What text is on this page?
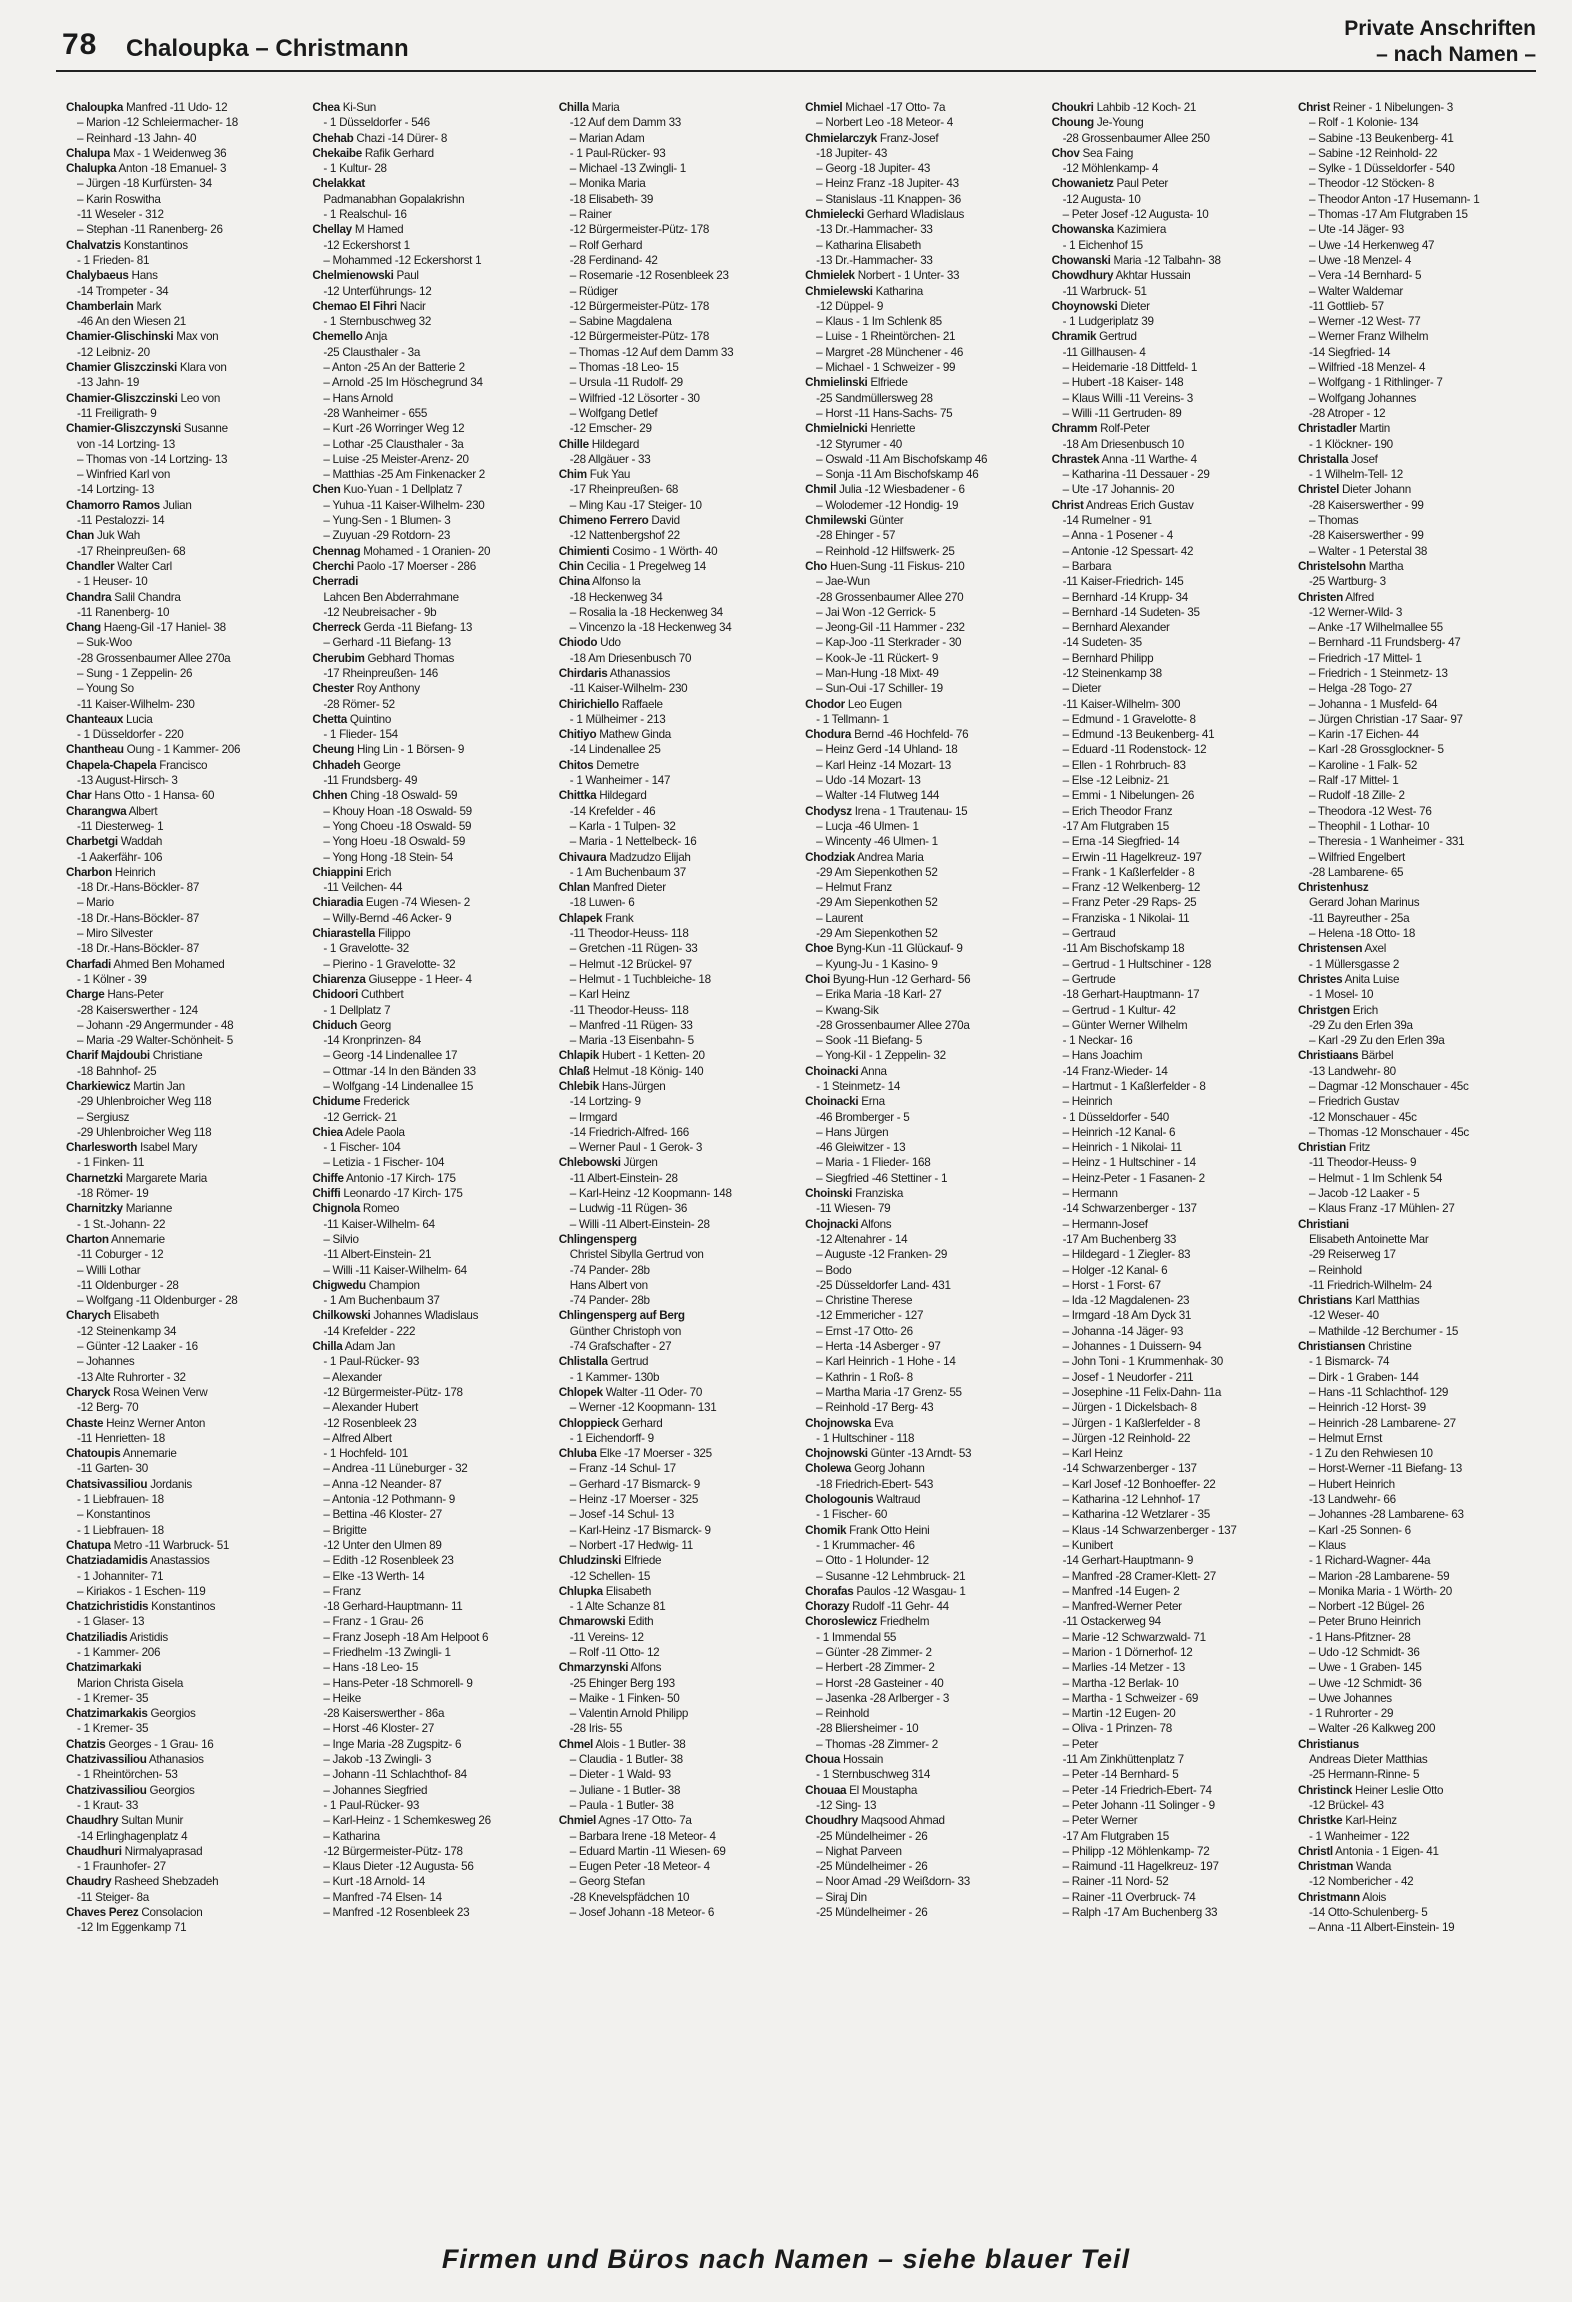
78 Chaloupka – Christmann
Private Anschriften
– nach Namen –
Chaloupka Manfred -11 Udo- 12
– Marion -12 Schleiermacher- 18
– Reinhard -13 Jahn- 40
Chalupa Max - 1 Weidenweg 36
Chalupka Anton -18 Emanuel- 3
– Jürgen -18 Kurfürsten- 34
– Karin Roswitha
-11 Weseler - 312
– Stephan -11 Ranenberg- 26
Chalvatzis Konstantinos
- 1 Frieden- 81
Chalybaeus Hans
-14 Trompeter - 34
Chamberlain Mark
-46 An den Wiesen 21
Chamier-Glischinski Max von
-12 Leibniz- 20
Chamier Gliszczinski Klara von
-13 Jahn- 19
Chamier-Gliszczinski Leo von
-11 Freiligrath- 9
Chamier-Gliszczynski Susanne
von -14 Lortzing- 13
– Thomas von -14 Lortzing- 13
– Winfried Karl von
-14 Lortzing- 13
Chamorro Ramos Julian
-11 Pestalozzi- 14
Chan Juk Wah
-17 Rheinpreußen- 68
Chandler Walter Carl
- 1 Heuser- 10
Chandra Salil Chandra
-11 Ranenberg- 10
Chang Haeng-Gil -17 Haniel- 38
– Suk-Woo
-28 Grossenbaumer Allee 270a
– Sung - 1 Zeppelin- 26
– Young So
-11 Kaiser-Wilhelm- 230
Chanteaux Lucia
- 1 Düsseldorfer - 220
Chantheau Oung - 1 Kammer- 206
Chapela-Chapela Francisco
-13 August-Hirsch- 3
Char Hans Otto - 1 Hansa- 60
Charangwa Albert
-11 Diesterweg- 1
Charbetgi Waddah
-1 Aakerfähr- 106
Charbon Heinrich
-18 Dr.-Hans-Böckler- 87
– Mario
-18 Dr.-Hans-Böckler- 87
– Miro Silvester
-18 Dr.-Hans-Böckler- 87
Charfadi Ahmed Ben Mohamed
- 1 Kölner - 39
Charge Hans-Peter
-28 Kaiserswerther - 124
– Johann -29 Angermunder - 48
– Maria -29 Walter-Schönheit- 5
Charif Majdoubi Christiane
-18 Bahnhof- 25
Charkiewicz Martin Jan
-29 Uhlenbroicher Weg 118
– Sergiusz
-29 Uhlenbroicher Weg 118
Charlesworth Isabel Mary
- 1 Finken- 11
Charnetzki Margarete Maria
-18 Römer- 19
Charnitzky Marianne
- 1 St.-Johann- 22
Charton Annemarie
-11 Coburger - 12
– Willi Lothar
-11 Oldenburger - 28
– Wolfgang -11 Oldenburger - 28
Charych Elisabeth
-12 Steinenkamp 34
– Günter -12 Laaker - 16
– Johannes
-13 Alte Ruhrorter - 32
Charyck Rosa Weinen Verw
-12 Berg- 70
Chaste Heinz Werner Anton
-11 Henrietten- 18
Chatoupis Annemarie
-11 Garten- 30
Chatsivassiliou Jordanis
- 1 Liebfrauen- 18
– Konstantinos
- 1 Liebfrauen- 18
Chatupa Metro -11 Warbruck- 51
Chatziadamidis Anastassios
- 1 Johanniter- 71
– Kiriakos - 1 Eschen- 119
Chatzichristidis Konstantinos
- 1 Glaser- 13
Chatziliadis Aristidis
- 1 Kammer- 206
Chatzimarkaki
Marion Christa Gisela
- 1 Kremer- 35
Chatzimarkakis Georgios
- 1 Kremer- 35
Chatzis Georges - 1 Grau- 16
Chatzivassiliou Athanasios
- 1 Rheintörchen- 53
Chatzivassiliou Georgios
- 1 Kraut- 33
Chaudhry Sultan Munir
-14 Erlinghagenplatz 4
Chaudhuri Nirmalyaprasad
- 1 Fraunhofer- 27
Chaudry Rasheed Shebzadeh
-11 Steiger- 8a
Chaves Perez Consolacion
-12 Im Eggenkamp 71
Chea Ki-Sun
- 1 Düsseldorfer - 546
Chehab Chazi -14 Dürer- 8
Chekaibe Rafik Gerhard
- 1 Kultur- 28
Chelakkat
Padmanabhan Gopalakrishn
- 1 Realschul- 16
Chellay M Hamed
-12 Eckershorst 1
– Mohammed -12 Eckershorst 1
Chelmienowski Paul
-12 Unterführungs- 12
Chemao El Fihri Nacir
- 1 Sternbuschweg 32
Chemello Anja
-25 Clausthaler - 3a
– Anton -25 An der Batterie 2
– Arnold -25 Im Höschegrund 34
– Hans Arnold
-28 Wanheimer - 655
– Kurt -26 Worringer Weg 12
– Lothar -25 Clausthaler - 3a
– Luise -25 Meister-Arenz- 20
– Matthias -25 Am Finkenacker 2
Chen Kuo-Yuan - 1 Dellplatz 7
– Yuhua -11 Kaiser-Wilhelm- 230
– Yung-Sen - 1 Blumen- 3
– Zuyuan -29 Rotdorn- 23
Chennag Mohamed - 1 Oranien- 20
Cherchi Paolo -17 Moerser - 286
Cherradi
Lahcen Ben Abderrahmane
-12 Neubreisacher - 9b
Cherreck Gerda -11 Biefang- 13
– Gerhard -11 Biefang- 13
Cherubim Gebhard Thomas
-17 Rheinpreußen- 146
Chester Roy Anthony
-28 Römer- 52
Chetta Quintino
- 1 Flieder- 154
Cheung Hing Lin - 1 Börsen- 9
Chhadeh George
-11 Frundsberg- 49
Chhen Ching -18 Oswald- 59
– Khouy Hoan -18 Oswald- 59
– Yong Choeu -18 Oswald- 59
– Yong Hoeu -18 Oswald- 59
– Yong Hong -18 Stein- 54
Chiappini Erich
-11 Veilchen- 44
Chiaradia Eugen -74 Wiesen- 2
– Willy-Bernd -46 Acker- 9
Chiarastella Filippo
- 1 Gravelotte- 32
– Pierino - 1 Gravelotte- 32
Chiarenza Giuseppe - 1 Heer- 4
Chidoori Cuthbert
- 1 Dellplatz 7
Chiduch Georg
-14 Kronprinzen- 84
– Georg -14 Lindenallee 17
– Ottmar -14 In den Bänden 33
– Wolfgang -14 Lindenallee 15
Chidume Frederick
-12 Gerrick- 21
Chiea Adele Paola
- 1 Fischer- 104
– Letizia - 1 Fischer- 104
Chiffe Antonio -17 Kirch- 175
Chiffi Leonardo -17 Kirch- 175
Chignola Romeo
-11 Kaiser-Wilhelm- 64
– Silvio
-11 Albert-Einstein- 21
– Willi -11 Kaiser-Wilhelm- 64
Chigwedu Champion
- 1 Am Buchenbaum 37
Chilkowski Johannes Wladislaus
-14 Krefelder - 222
Chilla Adam Jan
- 1 Paul-Rücker- 93
– Alexander
-12 Bürgermeister-Pütz- 178
– Alexander Hubert
-12 Rosenbleek 23
– Alfred Albert
- 1 Hochfeld- 101
– Andrea -11 Lüneburger - 32
– Anna -12 Neander- 87
– Antonia -12 Pothmann- 9
– Bettina -46 Kloster- 27
– Brigitte
-12 Unter den Ulmen 89
– Edith -12 Rosenbleek 23
– Elke -13 Werth- 14
– Franz
-18 Gerhard-Hauptmann- 11
– Franz - 1 Grau- 26
– Franz Joseph -18 Am Helpoot 6
– Friedhelm -13 Zwingli- 1
– Hans -18 Leo- 15
– Hans-Peter -18 Schmorell- 9
– Heike
-28 Kaiserswerther - 86a
– Horst -46 Kloster- 27
– Inge Maria -28 Zugspitz- 6
– Jakob -13 Zwingli- 3
– Johann -11 Schlachthof- 84
– Johannes Siegfried
- 1 Paul-Rücker- 93
– Karl-Heinz - 1 Schemkesweg 26
– Katharina
-12 Bürgermeister-Pütz- 178
– Klaus Dieter -12 Augusta- 56
– Kurt -18 Arnold- 14
– Manfred -74 Elsen- 14
– Manfred -12 Rosenbleek 23
Chilla Maria
-12 Auf dem Damm 33
– Marian Adam
- 1 Paul-Rücker- 93
– Michael -13 Zwingli- 1
– Monika Maria
-18 Elisabeth- 39
– Rainer
-12 Bürgermeister-Pütz- 178
– Rolf Gerhard
-28 Ferdinand- 42
– Rosemarie -12 Rosenbleek 23
– Rüdiger
-12 Bürgermeister-Pütz- 178
– Sabine Magdalena
-12 Bürgermeister-Pütz- 178
– Thomas -12 Auf dem Damm 33
– Thomas -18 Leo- 15
– Ursula -11 Rudolf- 29
– Wilfried -12 Lösorter - 30
– Wolfgang Detlef
-12 Emscher- 29
Chille Hildegard
-28 Allgäuer - 33
Chim Fuk Yau
-17 Rheinpreußen- 68
– Ming Kau -17 Steiger- 10
Chimeno Ferrero David
-12 Nattenbergshof 22
Chimienti Cosimo - 1 Wörth- 40
Chin Cecilia - 1 Pregelweg 14
China Alfonso la
-18 Heckenweg 34
– Rosalia la -18 Heckenweg 34
– Vincenzo la -18 Heckenweg 34
Chiodo Udo
-18 Am Driesenbusch 70
Chirdaris Athanassios
-11 Kaiser-Wilhelm- 230
Chirichiello Raffaele
- 1 Mülheimer - 213
Chitiyo Mathew Ginda
-14 Lindenallee 25
Chitos Demetre
- 1 Wanheimer - 147
Chittka Hildegard
-14 Krefelder - 46
– Karla - 1 Tulpen- 32
– Maria - 1 Nettelbeck- 16
Chivaura Madzudzo Elijah
- 1 Am Buchenbaum 37
Chlan Manfred Dieter
-18 Luwen- 6
Chlapek Frank
-11 Theodor-Heuss- 118
– Gretchen -11 Rügen- 33
– Helmut -12 Brückel- 97
– Helmut - 1 Tuchbleiche- 18
– Karl Heinz
-11 Theodor-Heuss- 118
– Manfred -11 Rügen- 33
– Maria -13 Eisenbahn- 5
Chlapik Hubert - 1 Ketten- 20
Chlaß Helmut -18 König- 140
Chlebik Hans-Jürgen
-14 Lortzing- 9
– Irmgard
-14 Friedrich-Alfred- 166
– Werner Paul - 1 Gerok- 3
Chlebowski Jürgen
-11 Albert-Einstein- 28
– Karl-Heinz -12 Koopmann- 148
– Ludwig -11 Rügen- 36
– Willi -11 Albert-Einstein- 28
Chlingensperg
Christel Sibylla Gertrud von
-74 Pander- 28b
Hans Albert von
-74 Pander- 28b
Chlingensperg auf Berg
Günther Christoph von
-74 Grafschafter - 27
Chlistalla Gertrud
- 1 Kammer- 130b
Chlopek Walter -11 Oder- 70
– Werner -12 Koopmann- 131
Chloppieck Gerhard
- 1 Eichendorff- 9
Chluba Elke -17 Moerser - 325
– Franz -14 Schul- 17
– Gerhard -17 Bismarck- 9
– Heinz -17 Moerser - 325
– Josef -14 Schul- 13
– Karl-Heinz -17 Bismarck- 9
– Norbert -17 Hedwig- 11
Chludzinski Elfriede
-12 Schellen- 15
Chlupka Elisabeth
- 1 Alte Schanze 81
Chmarowski Edith
-11 Vereins- 12
– Rolf -11 Otto- 12
Chmarzynski Alfons
-25 Ehinger Berg 193
– Maike - 1 Finken- 50
– Valentin Arnold Philipp
-28 Iris- 55
Chmel Alois - 1 Butler- 38
– Claudia - 1 Butler- 38
– Dieter - 1 Wald- 93
– Juliane - 1 Butler- 38
– Paula - 1 Butler- 38
Chmiel Agnes -17 Otto- 7a
– Barbara Irene -18 Meteor- 4
– Eduard Martin -11 Wiesen- 69
– Eugen Peter -18 Meteor- 4
– Georg Stefan
-28 Knevelspfädchen 10
– Josef Johann -18 Meteor- 6
Chmiel Michael -17 Otto- 7a
– Norbert Leo -18 Meteor- 4
Chmielarczyk Franz-Josef
-18 Jupiter- 43
– Georg -18 Jupiter- 43
– Heinz Franz -18 Jupiter- 43
– Stanislaus -11 Knappen- 36
Chmielecki Gerhard Wladislaus
-13 Dr.-Hammacher- 33
– Katharina Elisabeth
-13 Dr.-Hammacher- 33
Chmielek Norbert - 1 Unter- 33
Chmielewski Katharina
-12 Düppel- 9
– Klaus - 1 Im Schlenk 85
– Luise - 1 Rheintörchen- 21
– Margret -28 Münchener - 46
– Michael - 1 Schweizer - 99
Chmielinski Elfriede
-25 Sandmüllersweg 28
– Horst -11 Hans-Sachs- 75
Chmielnicki Henriette
-12 Styrumer - 40
– Oswald -11 Am Bischofskamp 46
– Sonja -11 Am Bischofskamp 46
Chmil Julia -12 Wiesbadener - 6
– Wolodemer -12 Hondig- 19
Chmilewski Günter
-28 Ehinger - 57
– Reinhold -12 Hilfswerk- 25
Cho Huen-Sung -11 Fiskus- 210
– Jae-Wun
-28 Grossenbaumer Allee 270
– Jai Won -12 Gerrick- 5
– Jeong-Gil -11 Hammer - 232
– Kap-Joo -11 Sterkrader - 30
– Kook-Je -11 Rückert- 9
– Man-Hung -18 Mixt- 49
– Sun-Oui -17 Schiller- 19
Chodor Leo Eugen
- 1 Tellmann- 1
Chodura Bernd -46 Hochfeld- 76
– Heinz Gerd -14 Uhland- 18
– Karl Heinz -14 Mozart- 13
– Udo -14 Mozart- 13
– Walter -14 Flutweg 144
Chodysz Irena - 1 Trautenau- 15
– Lucja -46 Ulmen- 1
– Wincenty -46 Ulmen- 1
Chodziak Andrea Maria
-29 Am Siepenkothen 52
– Helmut Franz
-29 Am Siepenkothen 52
– Laurent
-29 Am Siepenkothen 52
Choe Byng-Kun -11 Glückauf- 9
– Kyung-Ju - 1 Kasino- 9
Choi Byung-Hun -12 Gerhard- 56
– Erika Maria -18 Karl- 27
– Kwang-Sik
-28 Grossenbaumer Allee 270a
– Sook -11 Biefang- 5
– Yong-Kil - 1 Zeppelin- 32
Choinacki Anna
- 1 Steinmetz- 14
Choinacki Erna
-46 Bromberger - 5
– Hans Jürgen
-46 Gleiwitzer - 13
– Maria - 1 Flieder- 168
– Siegfried -46 Stettiner - 1
Choinski Franziska
-11 Wiesen- 79
Chojnacki Alfons
-12 Altenahrer - 14
– Auguste -12 Franken- 29
– Bodo
-25 Düsseldorfer Land- 431
– Christine Therese
-12 Emmericher - 127
– Ernst -17 Otto- 26
– Herta -14 Asberger - 97
– Karl Heinrich - 1 Hohe - 14
– Kathrin - 1 Roß- 8
– Martha Maria -17 Grenz- 55
– Reinhold -17 Berg- 43
Chojnowska Eva
- 1 Hultschiner - 118
Chojnowski Günter -13 Arndt- 53
Cholewa Georg Johann
-18 Friedrich-Ebert- 543
Chologounis Waltraud
- 1 Fischer- 60
Chomik Frank Otto Heini
- 1 Krummacher- 46
– Otto - 1 Holunder- 12
– Susanne -12 Lehmbruck- 21
Chorafas Paulos -12 Wasgau- 1
Chorazy Rudolf -11 Gehr- 44
Choroslewicz Friedhelm
- 1 Immendal 55
– Günter -28 Zimmer- 2
– Herbert -28 Zimmer- 2
– Horst -28 Gasteiner - 40
– Jasenka -28 Arlberger - 3
– Reinhold
-28 Bliersheimer - 10
– Thomas -28 Zimmer- 2
Choua Hossain
- 1 Sternbuschweg 314
Chouaa El Moustapha
-12 Sing- 13
Choudhry Maqsood Ahmad
-25 Mündelheimer - 26
– Nighat Parveen
-25 Mündelheimer - 26
– Noor Amad -29 Weißdorn- 33
– Siraj Din
-25 Mündelheimer - 26
Choukri Lahbib -12 Koch- 21
Choung Je-Young
-28 Grossenbaumer Allee 250
Chov Sea Faing
-12 Möhlenkamp- 4
Chowanietz Paul Peter
-12 Augusta- 10
– Peter Josef -12 Augusta- 10
Chowanska Kazimiera
- 1 Eichenhof 15
Chowanski Maria -12 Talbahn- 38
Chowdhury Akhtar Hussain
-11 Warbruck- 51
Choynowski Dieter
- 1 Ludgeriplatz 39
Chramik Gertrud
-11 Gillhausen- 4
– Heidemarie -18 Dittfeld- 1
– Hubert -18 Kaiser- 148
– Klaus Willi -11 Vereins- 3
– Willi -11 Gertruden- 89
Chramm Rolf-Peter
-18 Am Driesenbusch 10
Chrastek Anna -11 Warthe- 4
– Katharina -11 Dessauer - 29
– Ute -17 Johannis- 20
Christ Andreas Erich Gustav
-14 Rumelner - 91
– Anna - 1 Posener - 4
– Antonie -12 Spessart- 42
– Barbara
-11 Kaiser-Friedrich- 145
– Bernhard -14 Krupp- 34
– Bernhard -14 Sudeten- 35
– Bernhard Alexander
-14 Sudeten- 35
– Bernhard Philipp
-12 Steinenkamp 38
– Dieter
-11 Kaiser-Wilhelm- 300
– Edmund - 1 Gravelotte- 8
– Edmund -13 Beukenberg- 41
– Eduard -11 Rodenstock- 12
– Ellen - 1 Rohrbruch- 83
– Else -12 Leibniz- 21
– Emmi - 1 Nibelungen- 26
– Erich Theodor Franz
-17 Am Flutgraben 15
– Erna -14 Siegfried- 14
– Erwin -11 Hagelkreuz- 197
– Frank - 1 Kaßlerfelder - 8
– Franz -12 Welkenberg- 12
– Franz Peter -29 Raps- 25
– Franziska - 1 Nikolai- 11
– Gertraud
-11 Am Bischofskamp 18
– Gertrud - 1 Hultschiner - 128
– Gertrude
-18 Gerhart-Hauptmann- 17
– Gertrud - 1 Kultur- 42
– Günter Werner Wilhelm
- 1 Neckar- 16
– Hans Joachim
-14 Franz-Wieder- 14
– Hartmut - 1 Kaßlerfelder - 8
– Heinrich
- 1 Düsseldorfer - 540
– Heinrich -12 Kanal- 6
– Heinrich - 1 Nikolai- 11
– Heinz - 1 Hultschiner - 14
– Heinz-Peter - 1 Fasanen- 2
– Hermann
-14 Schwarzenberger - 137
– Hermann-Josef
-17 Am Buchenberg 33
– Hildegard - 1 Ziegler- 83
– Holger -12 Kanal- 6
– Horst - 1 Forst- 67
– Ida -12 Magdalenen- 23
– Irmgard -18 Am Dyck 31
– Johanna -14 Jäger- 93
– Johannes - 1 Duissern- 94
– John Toni - 1 Krummenhak- 30
– Josef - 1 Neudorfer - 211
– Josephine -11 Felix-Dahn- 11a
– Jürgen - 1 Dickelsbach- 8
– Jürgen - 1 Kaßlerfelder - 8
– Jürgen -12 Reinhold- 22
– Karl Heinz
-14 Schwarzenberger - 137
– Karl Josef -12 Bonhoeffer- 22
– Katharina -12 Lehnhof- 17
– Katharina -12 Wetzlarer - 35
– Klaus -14 Schwarzenberger - 137
– Kunibert
-14 Gerhart-Hauptmann- 9
– Manfred -28 Cramer-Klett- 27
– Manfred -14 Eugen- 2
– Manfred-Werner Peter
-11 Ostackerweg 94
– Marie -12 Schwarzwald- 71
– Marion - 1 Dörnerhof- 12
– Marlies -14 Metzer - 13
– Martha -12 Berlak- 10
– Martha - 1 Schweizer - 69
– Martin -12 Eugen- 20
– Oliva - 1 Prinzen- 78
– Peter
-11 Am Zinkhüttenplatz 7
– Peter -14 Bernhard- 5
– Peter -14 Friedrich-Ebert- 74
– Peter Johann -11 Solinger - 9
– Peter Werner
-17 Am Flutgraben 15
– Philipp -12 Möhlenkamp- 72
– Raimund -11 Hagelkreuz- 197
– Rainer -11 Nord- 52
– Rainer -11 Overbruck- 74
– Ralph -17 Am Buchenberg 33
Christ Reiner - 1 Nibelungen- 3
– Rolf - 1 Kolonie- 134
– Sabine -13 Beukenberg- 41
– Sabine -12 Reinhold- 22
– Sylke - 1 Düsseldorfer - 540
– Theodor -12 Stöcken- 8
– Theodor Anton -17 Husemann- 1
– Thomas -17 Am Flutgraben 15
– Ute -14 Jäger- 93
– Uwe -14 Herkenweg 47
– Uwe -18 Menzel- 4
– Vera -14 Bernhard- 5
– Walter Waldemar
-11 Gottlieb- 57
– Werner -12 West- 77
– Werner Franz Wilhelm
-14 Siegfried- 14
– Wilfried -18 Menzel- 4
– Wolfgang - 1 Rithlinger- 7
– Wolfgang Johannes
-28 Atroper - 12
Christadler Martin
- 1 Klöckner- 190
Christalla Josef
- 1 Wilhelm-Tell- 12
Christel Dieter Johann
-28 Kaiserswerther - 99
– Thomas
-28 Kaiserswerther - 99
– Walter - 1 Peterstal 38
Christelsohn Martha
-25 Wartburg- 3
Christen Alfred
-12 Werner-Wild- 3
– Anke -17 Wilhelmallee 55
– Bernhard -11 Frundsberg- 47
– Friedrich -17 Mittel- 1
– Friedrich - 1 Steinmetz- 13
– Helga -28 Togo- 27
– Johanna - 1 Musfeld- 64
– Jürgen Christian -17 Saar- 97
– Karin -17 Eichen- 44
– Karl -28 Grossglockner- 5
– Karoline - 1 Falk- 52
– Ralf -17 Mittel- 1
– Rudolf -18 Zille- 2
– Theodora -12 West- 76
– Theophil - 1 Lothar- 10
– Theresia - 1 Wanheimer - 331
– Wilfried Engelbert
-28 Lambarene- 65
Christenhusz
Gerard Johan Marinus
-11 Bayreuther - 25a
– Helena -18 Otto- 18
Christensen Axel
- 1 Müllersgasse 2
Christes Anita Luise
- 1 Mosel- 10
Christgen Erich
-29 Zu den Erlen 39a
– Karl -29 Zu den Erlen 39a
Christiaans Bärbel
-13 Landwehr- 80
– Dagmar -12 Monschauer - 45c
– Friedrich Gustav
-12 Monschauer - 45c
– Thomas -12 Monschauer - 45c
Christian Fritz
-11 Theodor-Heuss- 9
– Helmut - 1 Im Schlenk 54
– Jacob -12 Laaker - 5
– Klaus Franz -17 Mühlen- 27
Christiani
Elisabeth Antoinette Mar
-29 Reiserweg 17
– Reinhold
-11 Friedrich-Wilhelm- 24
Christians Karl Matthias
-12 Weser- 40
– Mathilde -12 Berchumer - 15
Christiansen Christine
- 1 Bismarck- 74
– Dirk - 1 Graben- 144
– Hans -11 Schlachthof- 129
– Heinrich -12 Horst- 39
– Heinrich -28 Lambarene- 27
– Helmut Ernst
- 1 Zu den Rehwiesen 10
– Horst-Werner -11 Biefang- 13
– Hubert Heinrich
-13 Landwehr- 66
– Johannes -28 Lambarene- 63
– Karl -25 Sonnen- 6
– Klaus
- 1 Richard-Wagner- 44a
– Marion -28 Lambarene- 59
– Monika Maria - 1 Wörth- 20
– Norbert -12 Bügel- 26
– Peter Bruno Heinrich
- 1 Hans-Pfitzner- 28
– Udo -12 Schmidt- 36
– Uwe - 1 Graben- 145
– Uwe -12 Schmidt- 36
– Uwe Johannes
- 1 Ruhrorter - 29
– Walter -26 Kalkweg 200
Christianus
Andreas Dieter Matthias
-25 Hermann-Rinne- 5
Christinck Heiner Leslie Otto
-12 Brückel- 43
Christke Karl-Heinz
- 1 Wanheimer - 122
Christl Antonia - 1 Eigen- 41
Christman Wanda
-12 Nombericher - 42
Christmann Alois
-14 Otto-Schulenberg- 5
– Anna -11 Albert-Einstein- 19
Firmen und Büros nach Namen – siehe blauer Teil
